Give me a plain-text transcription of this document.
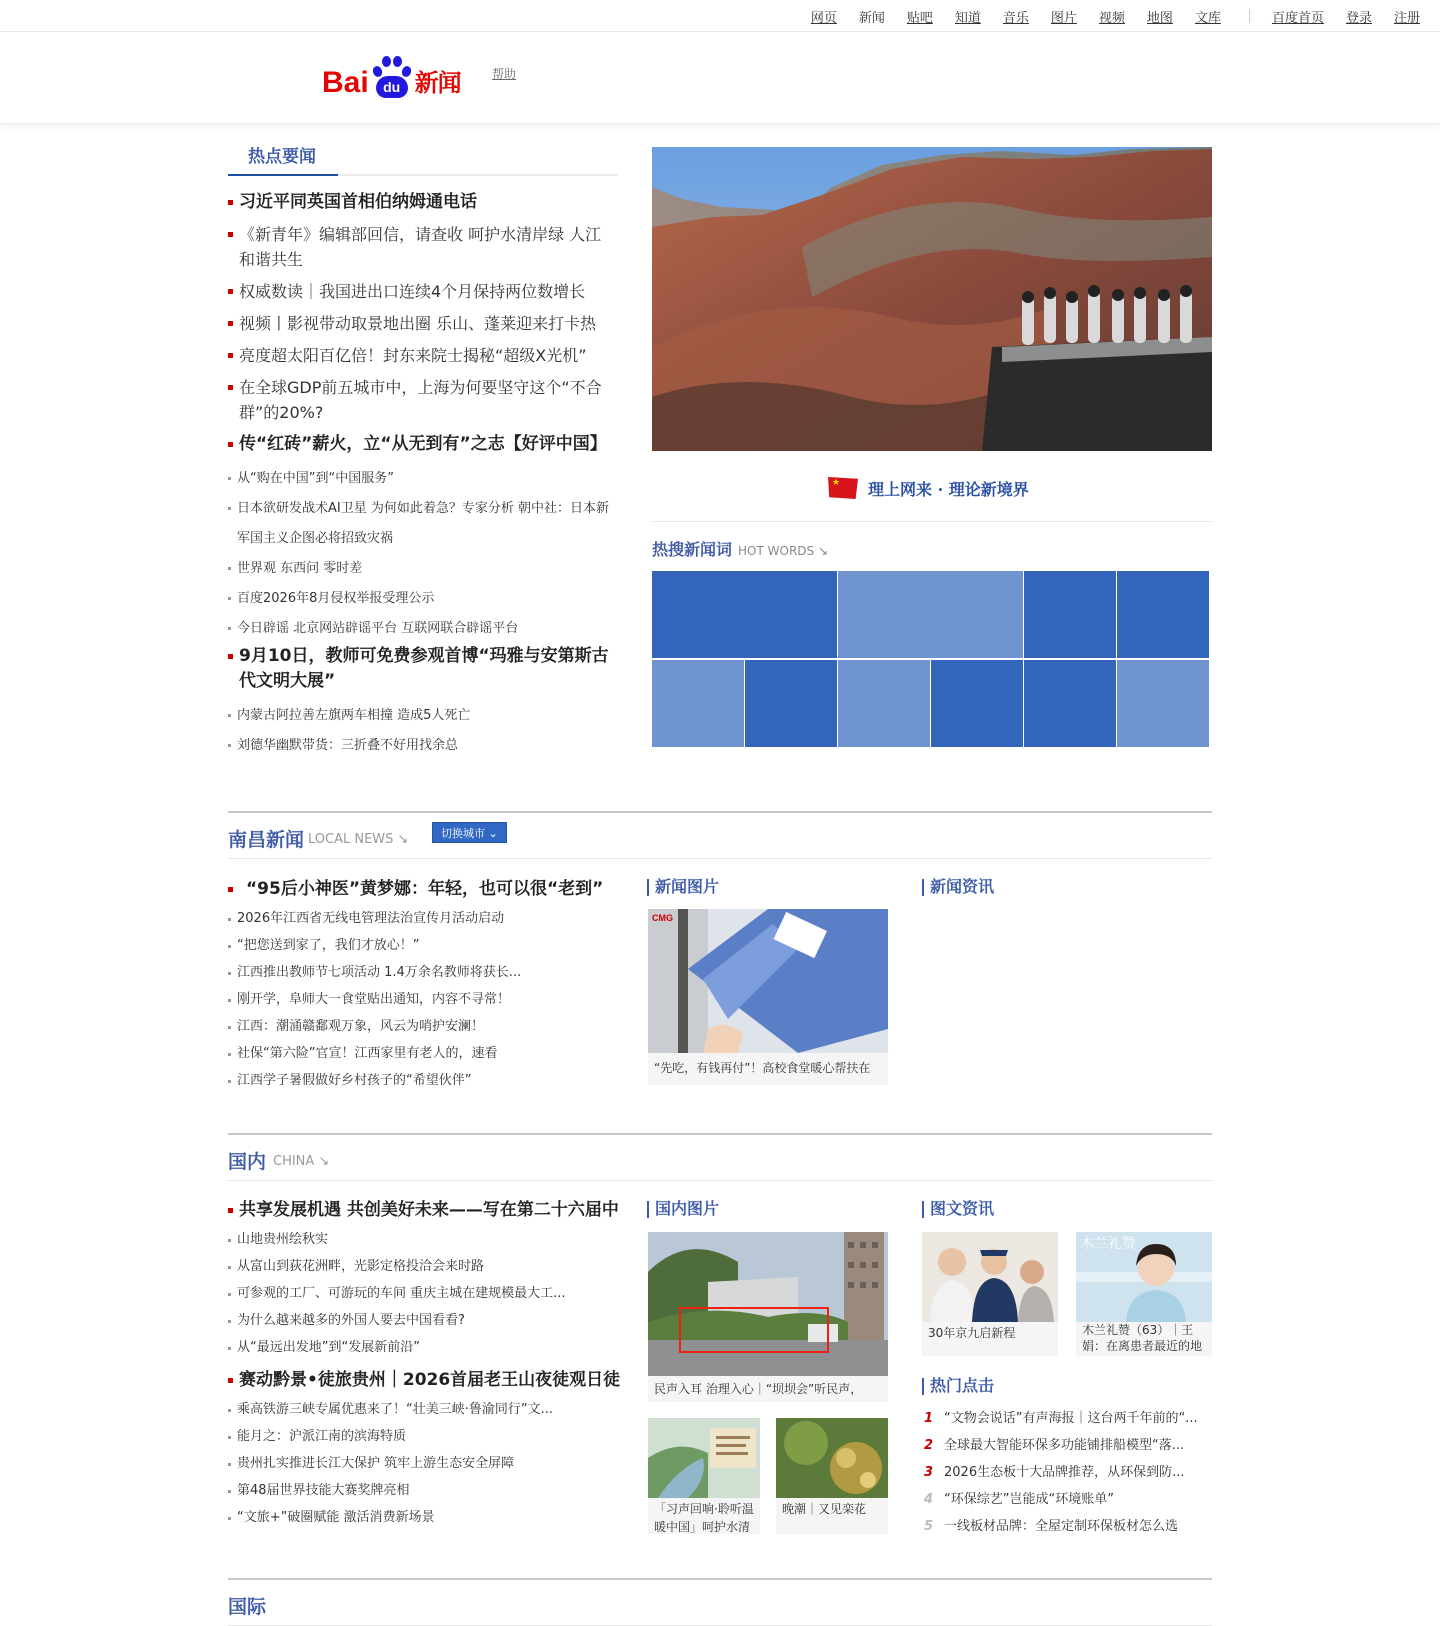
网页 新闻 贴吧 知道 音乐 图片 视频 地图 文库	百度首页 登录 注册
Bai	du 新闻	帮助
热点要闻
习近平同英国首相伯纳姆通电话
《新青年》编辑部回信，请查收 呵护水清岸绿 人江和谐共生
权威数读｜我国进出口连续4个月保持两位数增长
视频丨影视带动取景地出圈 乐山、蓬莱迎来打卡热
亮度超太阳百亿倍！封东来院士揭秘“超级X光机”
在全球GDP前五城市中，上海为何要坚守这个“不合群”的20%?
传“红砖”薪火，立“从无到有”之志【好评中国】
从“购在中国”到“中国服务”
日本欲研发战术AI卫星 为何如此着急？专家分析 朝中社：日本新军国主义企图必将招致灾祸
世界观 东西问 零时差
百度2026年8月侵权举报受理公示
今日辟谣 北京网站辟谣平台 互联网联合辟谣平台
9月10日，教师可免费参观首博“玛雅与安第斯古代文明大展”
内蒙古阿拉善左旗两车相撞 造成5人死亡
刘德华幽默带货：三折叠不好用找余总
★
理上网来 · 理论新境界
热搜新闻词 HOT WORDS ↘
南昌新闻 LOCAL NEWS ↘	切换城市 ⌄
“95后小神医”黄梦娜：年轻，也可以很“老到”
2026年江西省无线电管理法治宣传月活动启动
“把您送到家了，我们才放心！”
江西推出教师节七项活动 1.4万余名教师将获长...
刚开学，阜师大一食堂贴出通知，内容不寻常！
江西：潮涌赣鄱观万象，风云为哨护安澜！
社保“第六险”官宣！江西家里有老人的，速看
江西学子暑假做好乡村孩子的“希望伙伴”
新闻图片	新闻资讯
CMG
“先吃，有钱再付”！高校食堂暖心帮扶在
国内 CHINA ↘
共享发展机遇 共创美好未来——写在第二十六届中
山地贵州绘秋实
从富山到荻花洲畔，光影定格投洽会来时路
可参观的工厂、可游玩的车间 重庆主城在建规模最大工...
为什么越来越多的外国人要去中国看看?
从“最远出发地”到“发展新前沿”
赛动黔景•徒旅贵州｜2026首届老王山夜徒观日徒
乘高铁游三峡专属优惠来了！“壮美三峡·鲁渝同行”文...
能月之：沪派江南的滨海特质
贵州扎实推进长江大保护 筑牢上游生态安全屏障
第48届世界技能大赛奖牌亮相
“文旅+”破圈赋能 激活消费新场景
国内图片	图文资讯
民声入耳 治理入心｜“坝坝会”听民声，
「习声回响·聆听温暖中国」呵护水清
晚潮｜又见栾花
30年京九启新程
木兰礼赞
木兰礼赞（63）｜王娟：在离患者最近的地
热门点击
1 “文物会说话”有声海报｜这台两千年前的“...
2 全球最大智能环保多功能铺排船模型“落...
3 2026生态板十大品牌推荐，从环保到防...
4 “环保综艺”岂能成“环境账单”
5 一线板材品牌：全屋定制环保板材怎么选
国际
